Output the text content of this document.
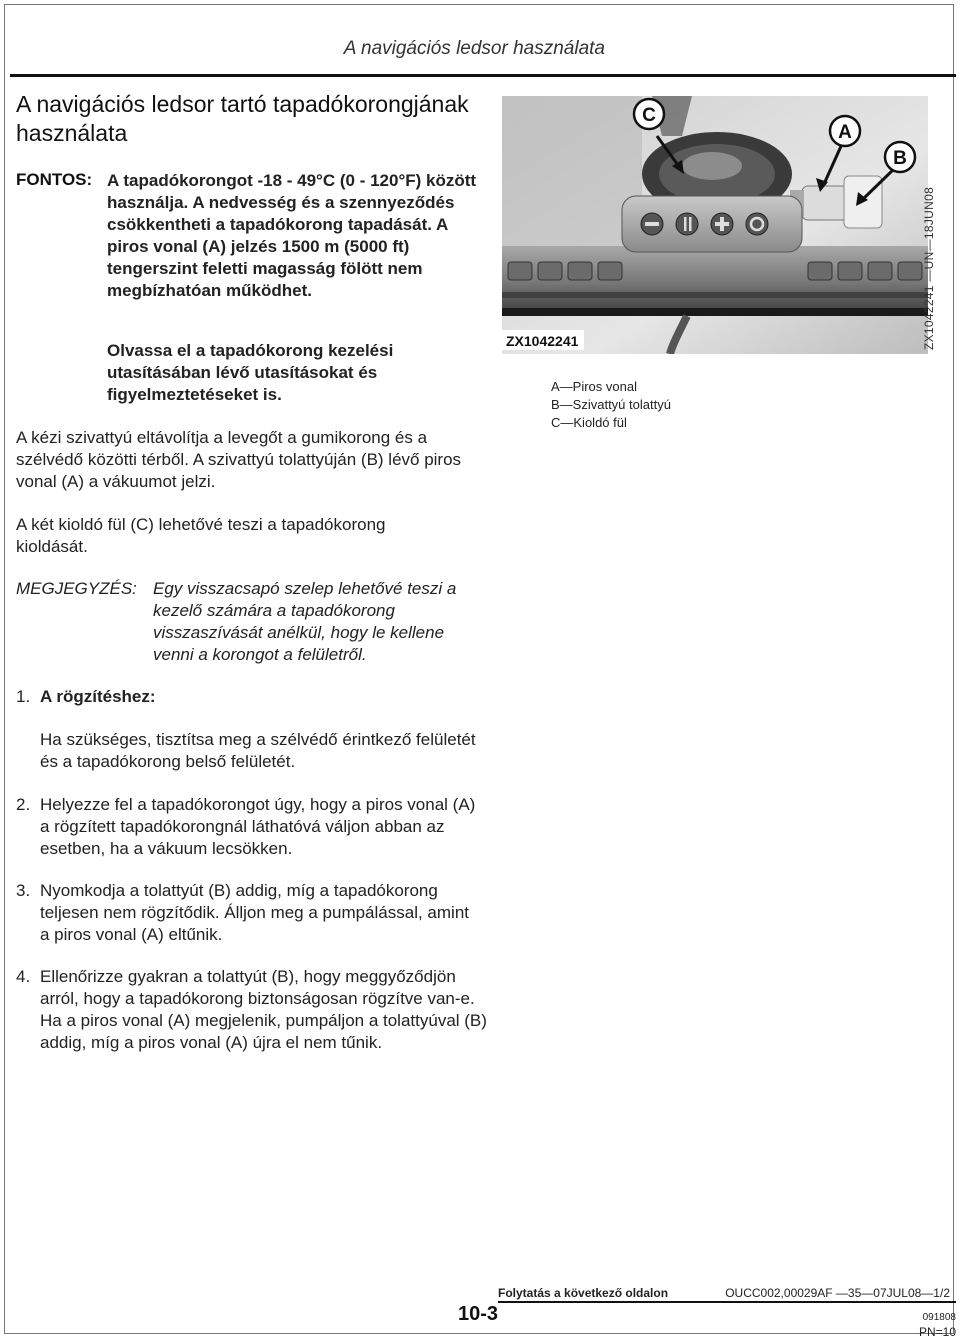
A navigációs ledsor használata
A navigációs ledsor tartó tapadókorongjának használata
FONTOS: A tapadókorongot -18 - 49°C (0 - 120°F) között használja. A nedvesség és a szennyeződés csökkentheti a tapadókorong tapadását. A piros vonal (A) jelzés 1500 m (5000 ft) tengerszint feletti magasság fölött nem megbízhatóan működhet.
Olvassa el a tapadókorong kezelési utasításában lévő utasításokat és figyelmeztetéseket is.
A kézi szivattyú eltávolítja a levegőt a gumikorong és a szélvédő közötti térből. A szivattyú tolattyúján (B) lévő piros vonal (A) a vákuumot jelzi.
A két kioldó fül (C) lehetővé teszi a tapadókorong kioldását.
MEGJEGYZÉS: Egy visszacsapó szelep lehetővé teszi a kezelő számára a tapadókorong visszaszívását anélkül, hogy le kellene venni a korongot a felületről.
1. A rögzítéshez:
Ha szükséges, tisztítsa meg a szélvédő érintkező felületét és a tapadókorong belső felületét.
2. Helyezze fel a tapadókorongot úgy, hogy a piros vonal (A) a rögzített tapadókorongnál láthatóvá váljon abban az esetben, ha a vákuum lecsökken.
3. Nyomkodja a tolattyút (B) addig, míg a tapadókorong teljesen nem rögzítődik. Álljon meg a pumpálással, amint a piros vonal (A) eltűnik.
4. Ellenőrizze gyakran a tolattyút (B), hogy meggyőződjön arról, hogy a tapadókorong biztonságosan rögzítve van-e. Ha a piros vonal (A) megjelenik, pumpáljon a tolattyúval (B) addig, míg a piros vonal (A) újra el nem tűnik.
C
A
B
ZX1042241	ZX1042241 —UN—18JUN08
A—Piros vonal
B—Szivattyú tolattyú
C—Kioldó fül
Folytatás a következő oldalon	OUCC002,00029AF —35—07JUL08—1/2
10-3	091808
PN=10
